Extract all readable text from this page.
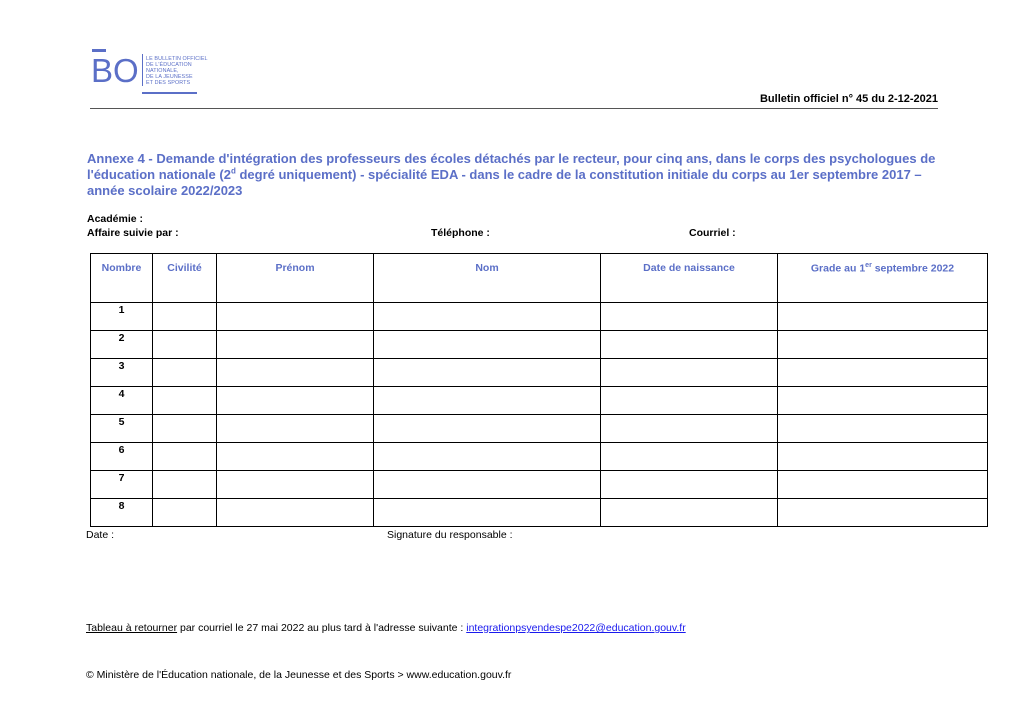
BO LE BULLETIN OFFICIEL
DE L'ÉDUCATION
NATIONALE,
DE LA JEUNESSE
ET DES SPORTS
Bulletin officiel n° 45 du 2-12-2021
Annexe 4 - Demande d'intégration des professeurs des écoles détachés par le recteur, pour cinq ans, dans le corps des psychologues de l'éducation nationale (2$^d$ degré uniquement) - spécialité EDA - dans le cadre de la constitution initiale du corps au 1er septembre 2017 – année scolaire 2022/2023
Académie :
Affaire suivie par :	Téléphone :	Courriel :
Nombre	Civilité	Prénom	Nom	Date de naissance	Grade au 1er septembre 2022
1					
2					
3					
4					
5					
6					
7					
8					
Date :	Signature du responsable :
Tableau à retourner par courriel le 27 mai 2022 au plus tard à l'adresse suivante : integrationpsyendespe2022@education.gouv.fr
© Ministère de l'Éducation nationale, de la Jeunesse et des Sports > www.education.gouv.fr
